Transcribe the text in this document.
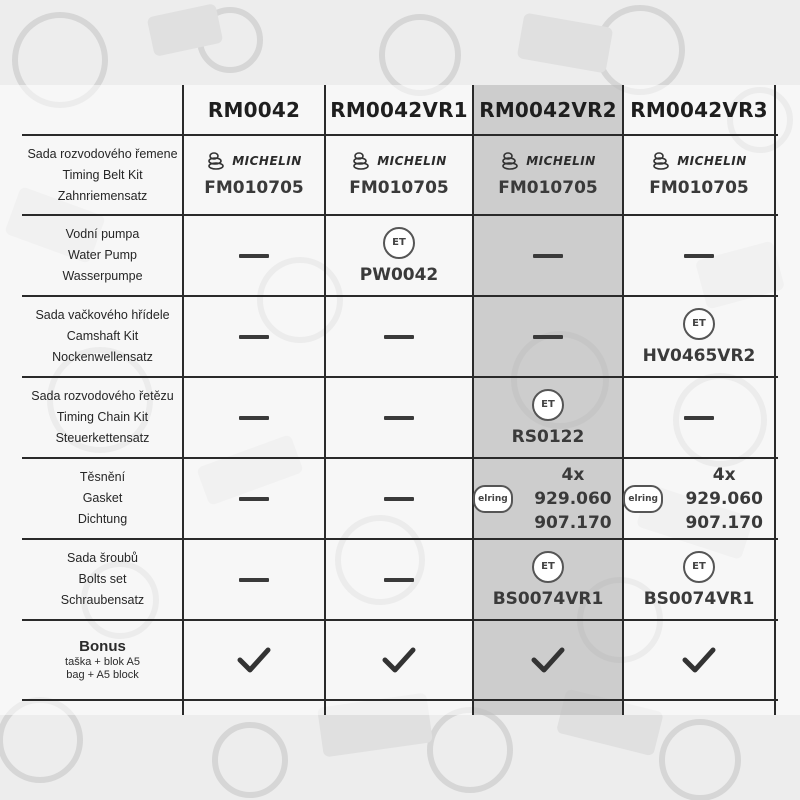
RM0042	RM0042VR1 RM0042VR2 RM0042VR3
Sada rozvodového řemene
Timing Belt Kit
Zahnriemensatz
MICHELIN
FM010705
MICHELIN
FM010705
MICHELIN
FM010705
MICHELIN
FM010705
Vodní pumpa
Water Pump
Wasserpumpe
ET
PW0042
Sada vačkového hřídele
Camshaft Kit
Nockenwellensatz
ET
HV0465VR2
Sada rozvodového řetězu
Timing Chain Kit
Steuerkettensatz
ET
RS0122
Těsnění
Gasket
Dichtung
elring
4x 929.060
907.170
elring
4x 929.060
907.170
Sada šroubů
Bolts set
Schraubensatz
ET
BS0074VR1
ET
BS0074VR1
Bonus
taška + blok A5
bag + A5 block
